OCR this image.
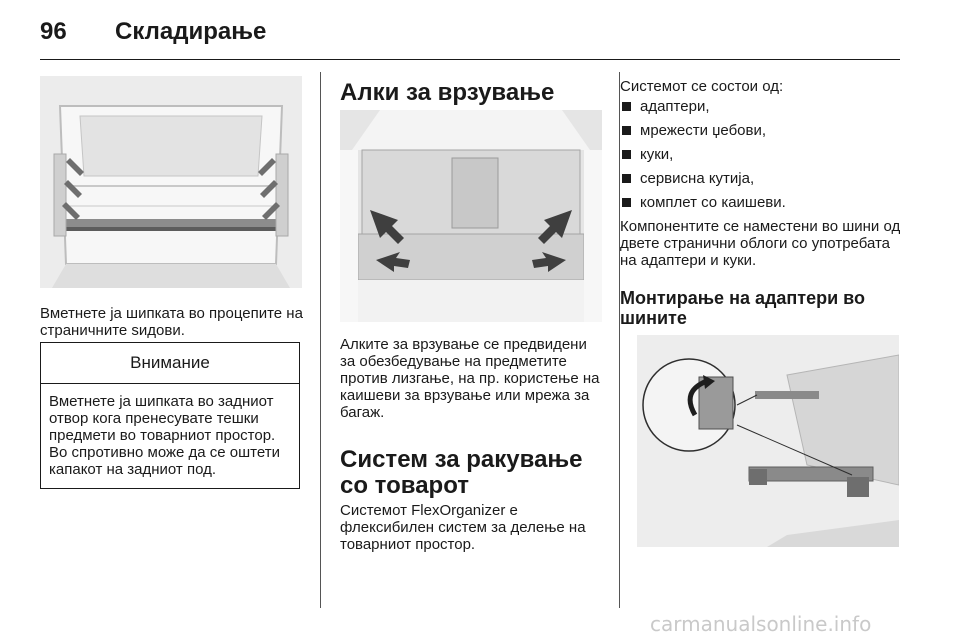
96 Складирање
Вметнете ја шипката во процепите на страничните ѕидови.
Внимание
Вметнете ја шипката во задниот отвор кога пренесувате тешки предмети во товарниот простор. Во спротивно може да се оштети капакот на задниот под.
Алки за врзување
Алките за врзување се предвидени за обезбедување на предметите против лизгање, на пр. користење на каишеви за врзување или мрежа за багаж.
Систем за ракување со товарот
Системот FlexOrganizer е флексибилен систем за делење на товарниот простор.
Системот се состои од:
адаптери,
мрежести џебови,
куки,
сервисна кутија,
комплет со каишеви.
Компонентите се наместени во шини од двете странични облоги со употребата на адаптери и куки.
Монтирање на адаптери во шините
carmanualsonline.info
